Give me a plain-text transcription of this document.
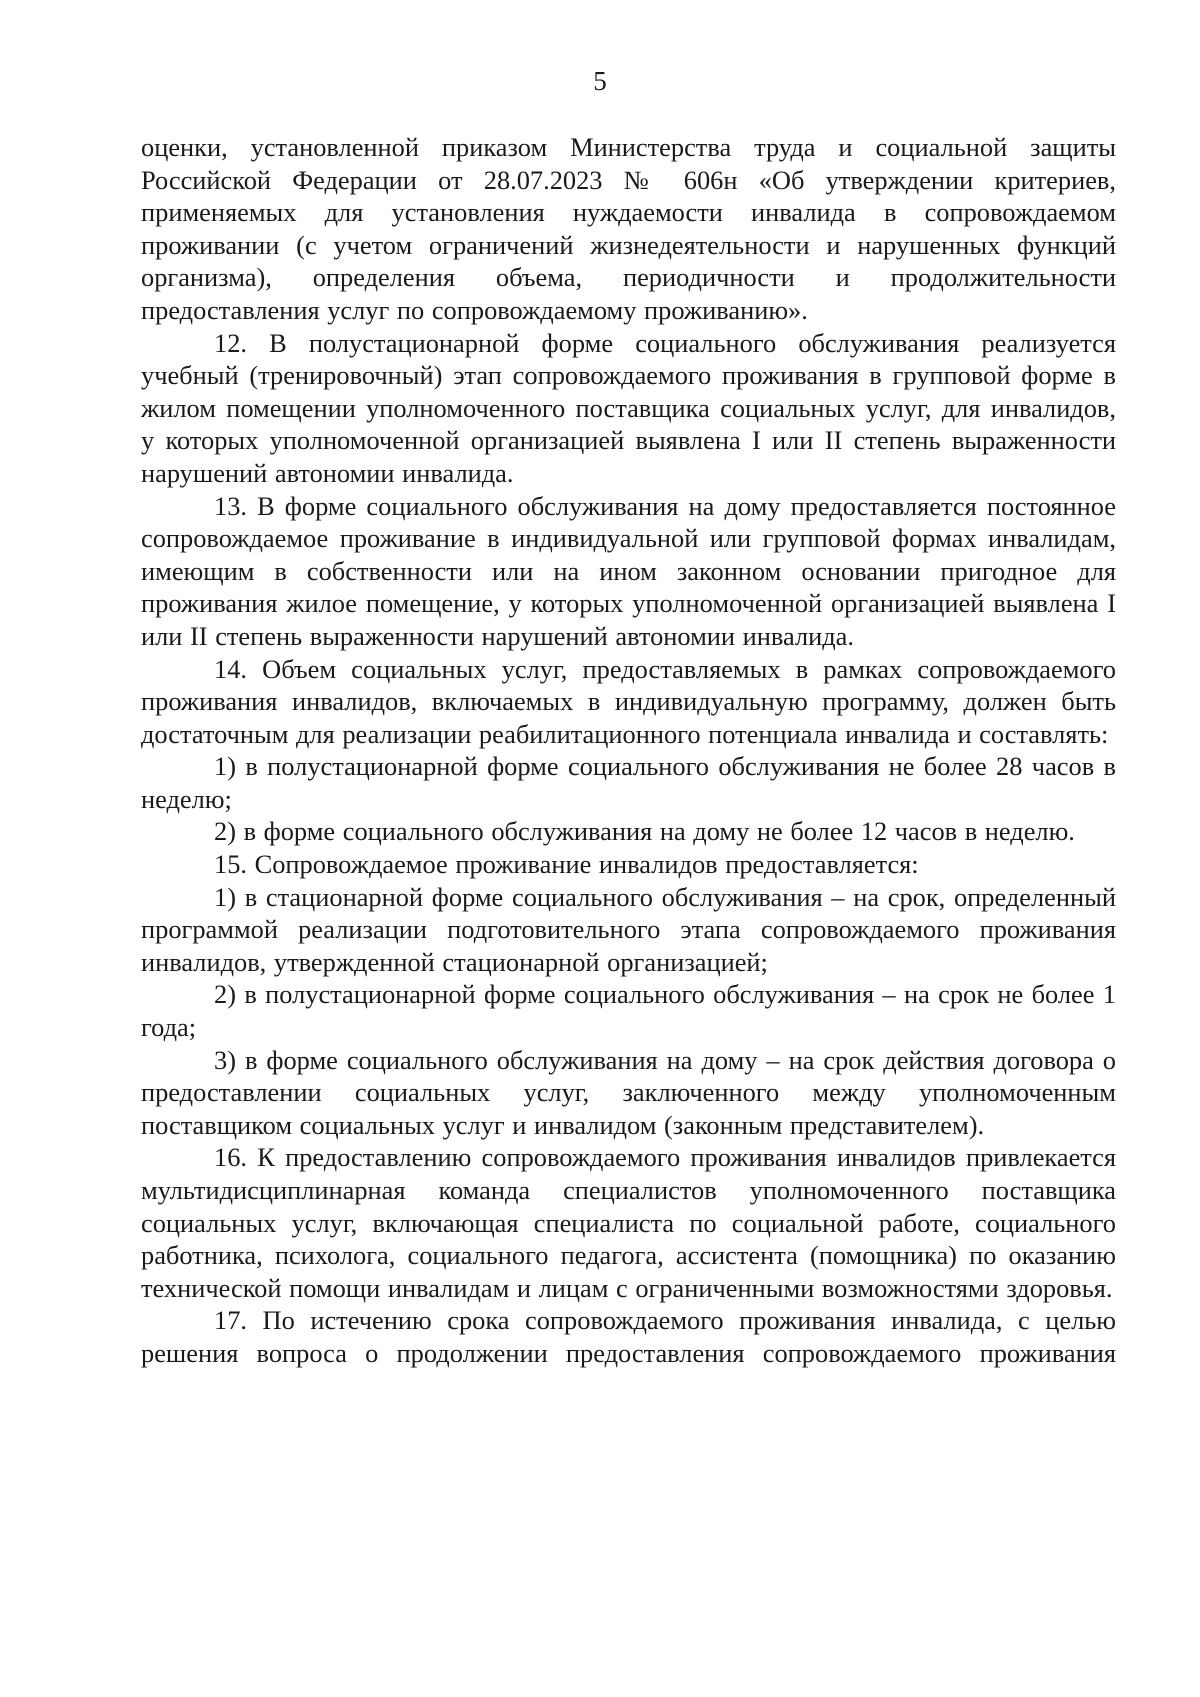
5

оценки, установленной приказом Министерства труда и социальной защиты Российской Федерации от 28.07.2023 № 606н «Об утверждении критериев, применяемых для установления нуждаемости инвалида в сопровождаемом проживании (с учетом ограничений жизнедеятельности и нарушенных функций организма), определения объема, периодичности и продолжительности предоставления услуг по сопровождаемому проживанию».

12. В полустационарной форме социального обслуживания реализуется учебный (тренировочный) этап сопровождаемого проживания в групповой форме в жилом помещении уполномоченного поставщика социальных услуг, для инвалидов, у которых уполномоченной организацией выявлена I или II степень выраженности нарушений автономии инвалида.

13. В форме социального обслуживания на дому предоставляется постоянное сопровождаемое проживание в индивидуальной или групповой формах инвалидам, имеющим в собственности или на ином законном основании пригодное для проживания жилое помещение, у которых уполномоченной организацией выявлена I или II степень выраженности нарушений автономии инвалида.

14. Объем социальных услуг, предоставляемых в рамках сопровождаемого проживания инвалидов, включаемых в индивидуальную программу, должен быть достаточным для реализации реабилитационного потенциала инвалида и составлять:

1) в полустационарной форме социального обслуживания не более 28 часов в неделю;

2) в форме социального обслуживания на дому не более 12 часов в неделю.

15. Сопровождаемое проживание инвалидов предоставляется:

1) в стационарной форме социального обслуживания – на срок, определенный программой реализации подготовительного этапа сопровождаемого проживания инвалидов, утвержденной стационарной организацией;

2) в полустационарной форме социального обслуживания – на срок не более 1 года;

3) в форме социального обслуживания на дому – на срок действия договора о предоставлении социальных услуг, заключенного между уполномоченным поставщиком социальных услуг и инвалидом (законным представителем).

16. К предоставлению сопровождаемого проживания инвалидов привлекается мультидисциплинарная команда специалистов уполномоченного поставщика социальных услуг, включающая специалиста по социальной работе, социального работника, психолога, социального педагога, ассистента (помощника) по оказанию технической помощи инвалидам и лицам с ограниченными возможностями здоровья.

17. По истечению срока сопровождаемого проживания инвалида, с целью решения вопроса о продолжении предоставления сопровождаемого проживания
